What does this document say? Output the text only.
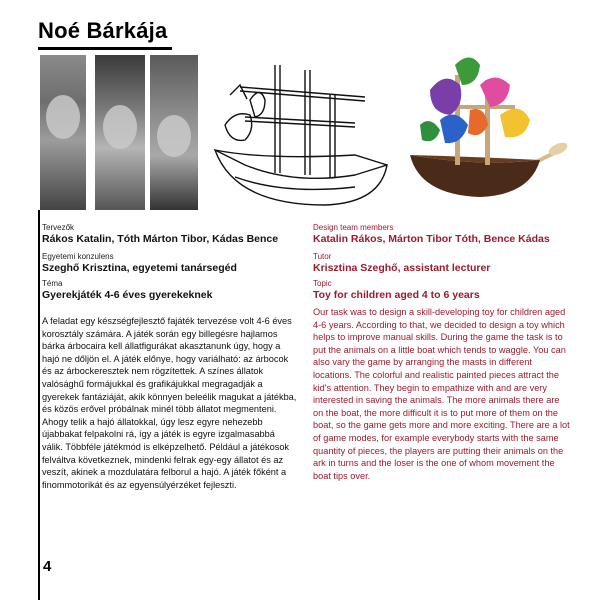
Noé Bárkája
Tervezők
Rákos Katalin, Tóth Márton Tibor, Kádas Bence
Egyetemi konzulens
Szeghő Krisztina, egyetemi tanársegéd
Téma
Gyerekjáték 4-6 éves gyerekeknek
Design team members
Katalin Rákos, Márton Tibor Tóth, Bence Kádas
Tutor
Krisztina Szeghő, assistant lecturer
Topic
Toy for children aged 4 to 6 years
A feladat egy készségfejlesztő fajáték tervezése volt 4-6 éves korosztály számára. A játék során egy billegésre hajlamos bárka árbocaira kell állatfigurákat akasztanunk úgy, hogy a hajó ne dőljön el. A játék előnye, hogy variálható: az árbocok és az árbockeresztek nem rögzítettek. A színes állatok valósághű formájukkal és grafikájukkal megragadják a gyerekek fantáziáját, akik könnyen beleélik magukat a játékba, és közös erővel próbálnak minél több állatot megmenteni. Ahogy telik a hajó állatokkal, úgy lesz egyre nehezebb újabbakat felpakolni rá, így a játék is egyre izgalmasabbá válik. Többféle játékmód is elképzelhető. Például a játékosok felváltva következnek, mindenki felrak egy-egy állatot és az veszít, akinek a mozdulatára felborul a hajó. A játék főként a finommotorikát és az egyensúlyérzéket fejleszti.
Our task was to design a skill-developing toy for children aged 4-6 years. According to that, we decided to design a toy which helps to improve manual skills. During the game the task is to put the animals on a little boat which tends to waggle. You can also vary the game by arranging the masts in different locations. The colorful and realistic painted pieces attract the kid's attention. They begin to empathize with and are very interested in saving the animals. The more animals there are on the boat, the more difficult it is to put more of them on the boat, so the game gets more and more exciting. There are a lot of game modes, for example everybody starts with the same quantity of pieces, the players are putting their animals on the ark in turns and the loser is the one of whom movement the boat tips over.
4
